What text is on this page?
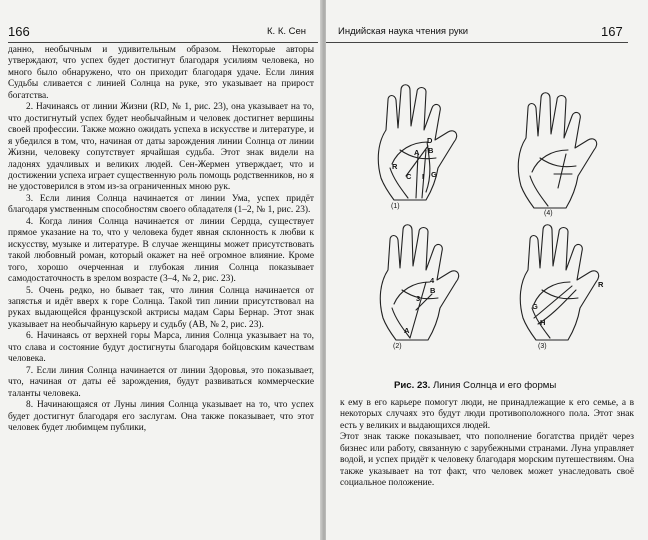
166	К. К. Сен

данно, необычным и удивительным образом. Некоторые авторы утверждают, что успех будет достигнут благодаря усилиям человека, но много было обнаружено, что он приходит благодаря удаче. Если линия Судьбы сливается с линией Солнца на руке, это указывает на прирост богатства.

2. Начинаясь от линии Жизни (RD, № 1, рис. 23), она указывает на то, что достигнутый успех будет необычайным и человек достигнет вершины своей профессии. Также можно ожидать успеха в искусстве и литературе, и я убедился в том, что, начиная от даты зарождения линии Солнца от линии Жизни, человеку сопутствует ярчайшая судьба. Этот знак видели на ладонях удачливых и великих людей. Сен-Жермен утверждает, что и достижении успеха играет существенную роль помощь родственников, но я не удостоверился в этом из-за ограниченных мною рук.

3. Если линия Солнца начинается от линии Ума, успех придёт благодаря умственным способностям своего обладателя (1–2, № 1, рис. 23).

4. Когда линия Солнца начинается от линии Сердца, существует прямое указание на то, что у человека будет явная склонность к любви к искусству, музыке и литературе. В случае женщины может присутствовать такой любовный роман, который окажет на неё огромное влияние. Кроме того, хорошо очерченная и глубокая линия Солнца показывает самодостаточность в зрелом возрасте (3–4, № 2, рис. 23).

5. Очень редко, но бывает так, что линия Солнца начинается от запястья и идёт вверх к горе Солнца. Такой тип линии присутствовал на руках выдающейся французской актрисы мадам Сары Бернар. Этот знак указывает на необычайную карьеру и судьбу (АВ, № 2, рис. 23).

6. Начинаясь от верхней горы Марса, линия Солнца указывает на то, что слава и состояние будут достигнуты благодаря бойцовским качествам человека.

7. Если линия Солнца начинается от линии Здоровья, это показывает, что, начиная от даты её зарождения, будут развиваться коммерческие таланты человека.

8. Начинающаяся от Луны линия Солнца указывает на то, что успех будет достигнут благодаря его заслугам. Она также показывает, что этот человек будет любимцем публики,

Индийская наука чтения руки	167
(1)
(4)
(2)	(3)
D
B
R
C I
A
G
4
B
3
A
R
G
H
Рис. 23. Линия Солнца и его формы

к ему в его карьере помогут люди, не принадлежащие к его семье, а в некоторых случаях это будут люди противоположного пола. Этот знак есть у великих и выдающихся людей.

Этот знак также показывает, что пополнение богатства придёт через бизнес или работу, связанную с зарубежными странами. Луна управляет водой, и успех придёт к человеку благодаря морским путешествиям. Она также указывает на тот факт, что человек может унаследовать своё социальное положение.
